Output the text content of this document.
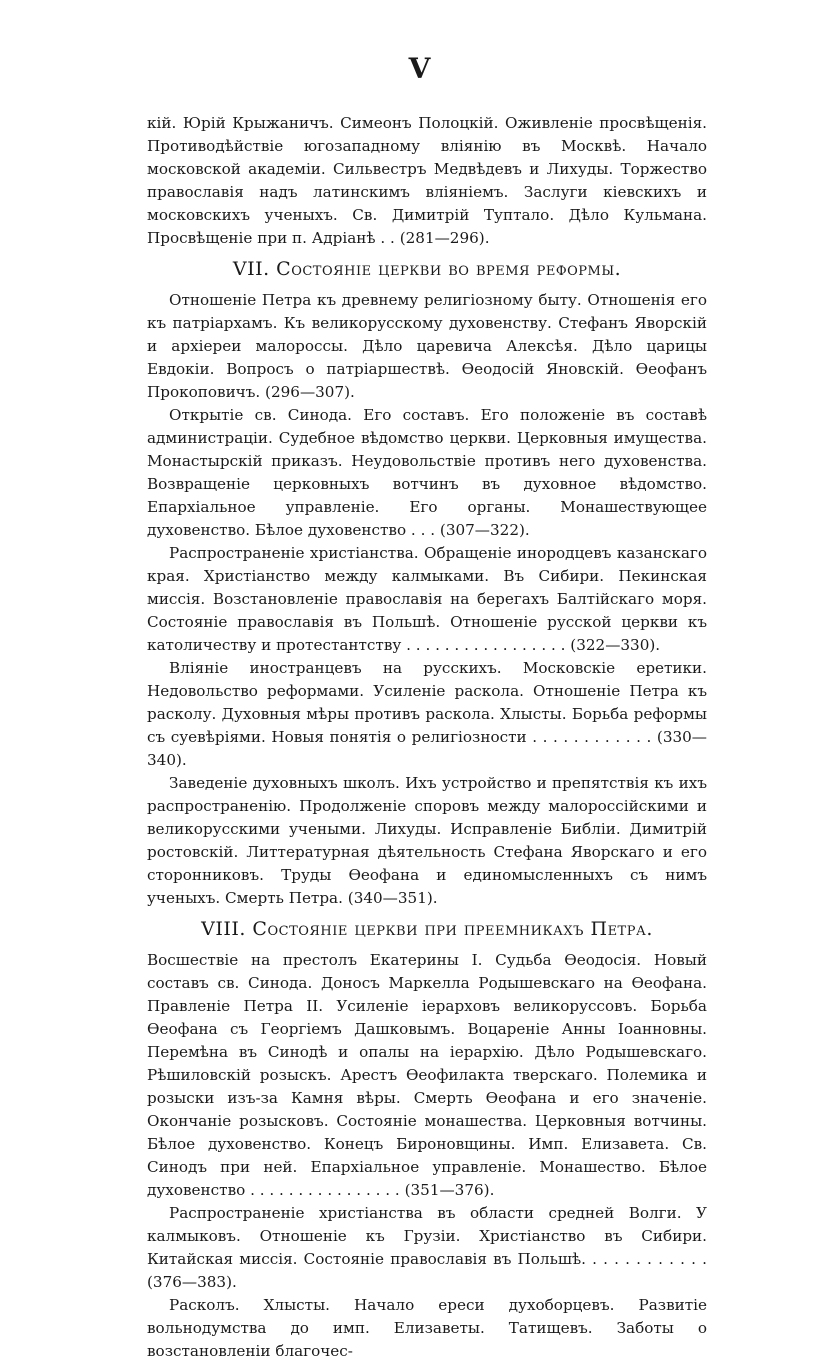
V

кій. Юрій Крыжаничъ. Симеонъ Полоцкій. Оживленіе просвѣщенія. Противодѣйствіе югозападному вліянію въ Москвѣ. Начало московской академіи. Сильвестръ Медвѣдевъ и Лихуды. Торжество православія надъ латинскимъ вліяніемъ. Заслуги кіевскихъ и московскихъ ученыхъ. Св. Димитрій Туптало. Дѣло Кульмана. Просвѣщеніе при п. Адріанѣ . . (281—296).

VII. Состояніе церкви во время реформы.

Отношеніе Петра къ древнему религіозному быту. Отношенія его къ патріархамъ. Къ великорусскому духовенству. Стефанъ Яворскій и архіереи малороссы. Дѣло царевича Алексѣя. Дѣло царицы Евдокіи. Вопросъ о патріаршествѣ. Ѳеодосій Яновскій. Ѳеофанъ Прокоповичъ. (296—307).

Открытіе св. Синода. Его составъ. Его положеніе въ составѣ администраціи. Судебное вѣдомство церкви. Церковныя имущества. Монастырскій приказъ. Неудовольствіе противъ него духовенства. Возвращеніе церковныхъ вотчинъ въ духовное вѣдомство. Епархіальное управленіе. Его органы. Монашествующее духовенство. Бѣлое духовенство . . . (307—322).

Распространеніе христіанства. Обращеніе инородцевъ казанскаго края. Христіанство между калмыками. Въ Сибири. Пекинская миссія. Возстановленіе православія на берегахъ Балтійскаго моря. Состояніе православія въ Польшѣ. Отношеніе русской церкви къ католичеству и протестантству . . . . . . . . . . . . . . . . . (322—330).

Вліяніе иностранцевъ на русскихъ. Московскіе еретики. Недовольство реформами. Усиленіе раскола. Отношеніе Петра къ расколу. Духовныя мѣры противъ раскола. Хлысты. Борьба реформы съ суевѣріями. Новыя понятія о религіозности . . . . . . . . . . . . (330—340).

Заведеніе духовныхъ школъ. Ихъ устройство и препятствія къ ихъ распространенію. Продолженіе споровъ между малороссійскими и великорусскими учеными. Лихуды. Исправленіе Библіи. Димитрій ростовскій. Литтературная дѣятельность Стефана Яворскаго и его сторонниковъ. Труды Ѳеофана и единомысленныхъ съ нимъ ученыхъ. Смерть Петра. (340—351).

VIII. Состояніе церкви при преемникахъ Петра.

Восшествіе на престолъ Екатерины I. Судьба Ѳеодосія. Новый составъ св. Синода. Доносъ Маркелла Родышевскаго на Ѳеофана. Правленіе Петра II. Усиленіе іерарховъ великоруссовъ. Борьба Ѳеофана съ Георгіемъ Дашковымъ. Воцареніе Анны Іоанновны. Перемѣна въ Синодѣ и опалы на іерархію. Дѣло Родышевскаго. Рѣшиловскій розыскъ. Арестъ Ѳеофилакта тверскаго. Полемика и розыски изъ-за Камня вѣры. Смерть Ѳеофана и его значеніе. Окончаніе розысковъ. Состояніе монашества. Церковныя вотчины. Бѣлое духовенство. Конецъ Бироновщины. Имп. Елизавета. Св. Синодъ при ней. Епархіальное управленіе. Монашество. Бѣлое духовенство . . . . . . . . . . . . . . . . (351—376).

Распространеніе христіанства въ области средней Волги. У калмыковъ. Отношеніе къ Грузіи. Христіанство въ Сибири. Китайская миссія. Состояніе православія въ Польшѣ. . . . . . . . . . . . (376—383).

Расколъ. Хлысты. Начало ереси духоборцевъ. Развитіе вольнодумства до имп. Елизаветы. Татищевъ. Заботы о возстановленіи благочес-
